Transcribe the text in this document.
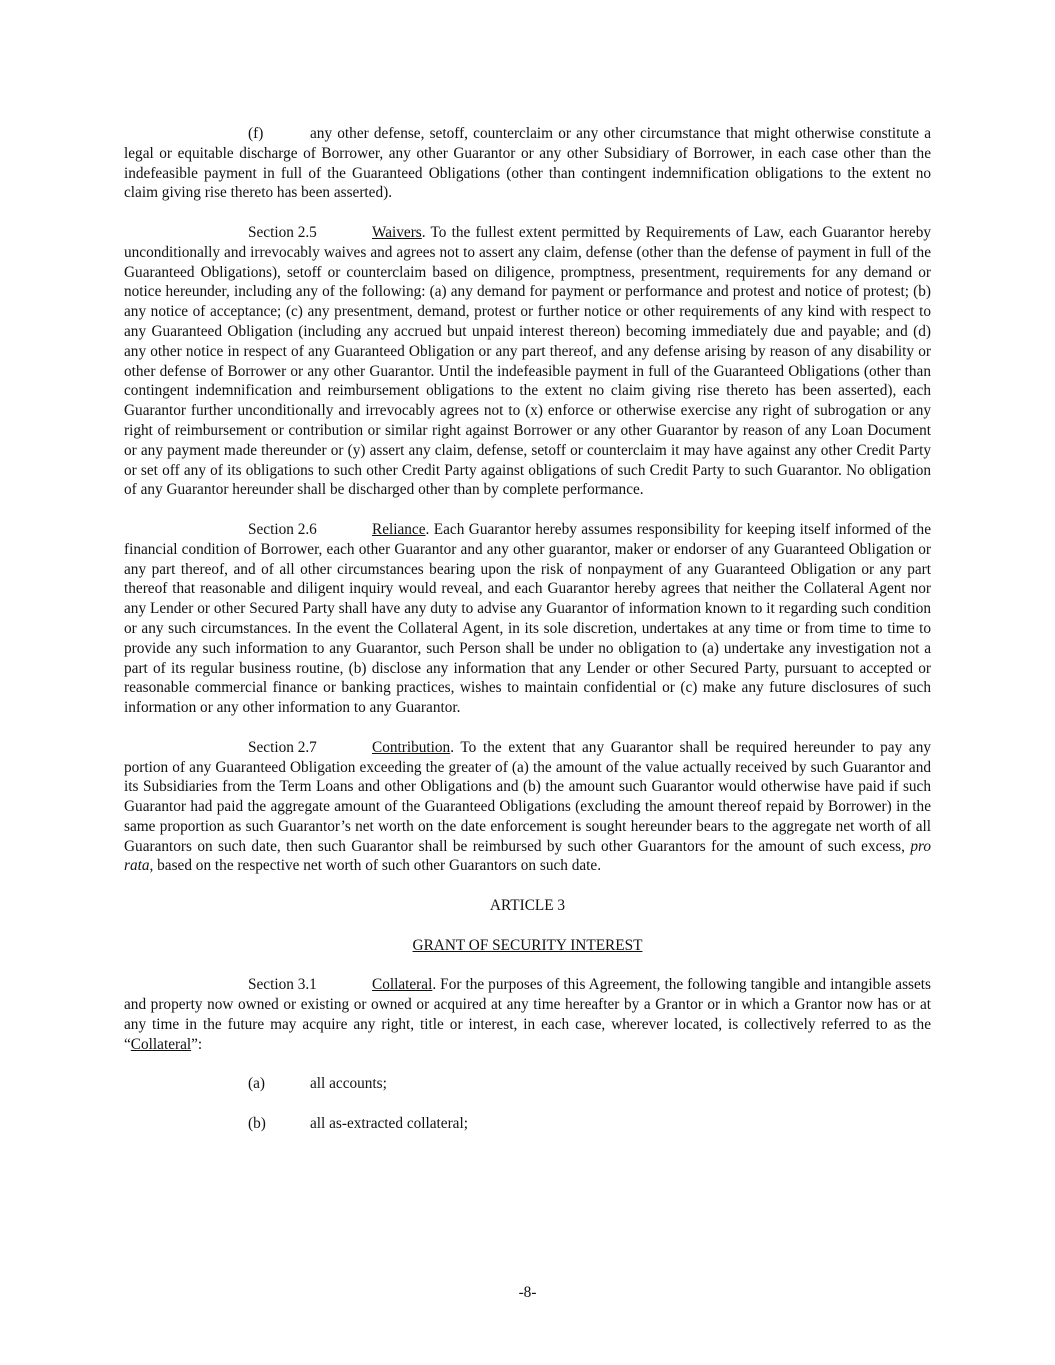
(f)	any other defense, setoff, counterclaim or any other circumstance that might otherwise constitute a legal or equitable discharge of Borrower, any other Guarantor or any other Subsidiary of Borrower, in each case other than the indefeasible payment in full of the Guaranteed Obligations (other than contingent indemnification obligations to the extent no claim giving rise thereto has been asserted).

Section 2.5	Waivers. To the fullest extent permitted by Requirements of Law, each Guarantor hereby unconditionally and irrevocably waives and agrees not to assert any claim, defense (other than the defense of payment in full of the Guaranteed Obligations), setoff or counterclaim based on diligence, promptness, presentment, requirements for any demand or notice hereunder, including any of the following: (a) any demand for payment or performance and protest and notice of protest; (b) any notice of acceptance; (c) any presentment, demand, protest or further notice or other requirements of any kind with respect to any Guaranteed Obligation (including any accrued but unpaid interest thereon) becoming immediately due and payable; and (d) any other notice in respect of any Guaranteed Obligation or any part thereof, and any defense arising by reason of any disability or other defense of Borrower or any other Guarantor. Until the indefeasible payment in full of the Guaranteed Obligations (other than contingent indemnification and reimbursement obligations to the extent no claim giving rise thereto has been asserted), each Guarantor further unconditionally and irrevocably agrees not to (x) enforce or otherwise exercise any right of subrogation or any right of reimbursement or contribution or similar right against Borrower or any other Guarantor by reason of any Loan Document or any payment made thereunder or (y) assert any claim, defense, setoff or counterclaim it may have against any other Credit Party or set off any of its obligations to such other Credit Party against obligations of such Credit Party to such Guarantor. No obligation of any Guarantor hereunder shall be discharged other than by complete performance.

Section 2.6	Reliance. Each Guarantor hereby assumes responsibility for keeping itself informed of the financial condition of Borrower, each other Guarantor and any other guarantor, maker or endorser of any Guaranteed Obligation or any part thereof, and of all other circumstances bearing upon the risk of nonpayment of any Guaranteed Obligation or any part thereof that reasonable and diligent inquiry would reveal, and each Guarantor hereby agrees that neither the Collateral Agent nor any Lender or other Secured Party shall have any duty to advise any Guarantor of information known to it regarding such condition or any such circumstances. In the event the Collateral Agent, in its sole discretion, undertakes at any time or from time to time to provide any such information to any Guarantor, such Person shall be under no obligation to (a) undertake any investigation not a part of its regular business routine, (b) disclose any information that any Lender or other Secured Party, pursuant to accepted or reasonable commercial finance or banking practices, wishes to maintain confidential or (c) make any future disclosures of such information or any other information to any Guarantor.

Section 2.7	Contribution. To the extent that any Guarantor shall be required hereunder to pay any portion of any Guaranteed Obligation exceeding the greater of (a) the amount of the value actually received by such Guarantor and its Subsidiaries from the Term Loans and other Obligations and (b) the amount such Guarantor would otherwise have paid if such Guarantor had paid the aggregate amount of the Guaranteed Obligations (excluding the amount thereof repaid by Borrower) in the same proportion as such Guarantor’s net worth on the date enforcement is sought hereunder bears to the aggregate net worth of all Guarantors on such date, then such Guarantor shall be reimbursed by such other Guarantors for the amount of such excess, pro rata, based on the respective net worth of such other Guarantors on such date.

ARTICLE 3

GRANT OF SECURITY INTEREST

Section 3.1	Collateral. For the purposes of this Agreement, the following tangible and intangible assets and property now owned or existing or owned or acquired at any time hereafter by a Grantor or in which a Grantor now has or at any time in the future may acquire any right, title or interest, in each case, wherever located, is collectively referred to as the “Collateral”:

(a)	all accounts;
(b)	all as-extracted collateral;
-8-
